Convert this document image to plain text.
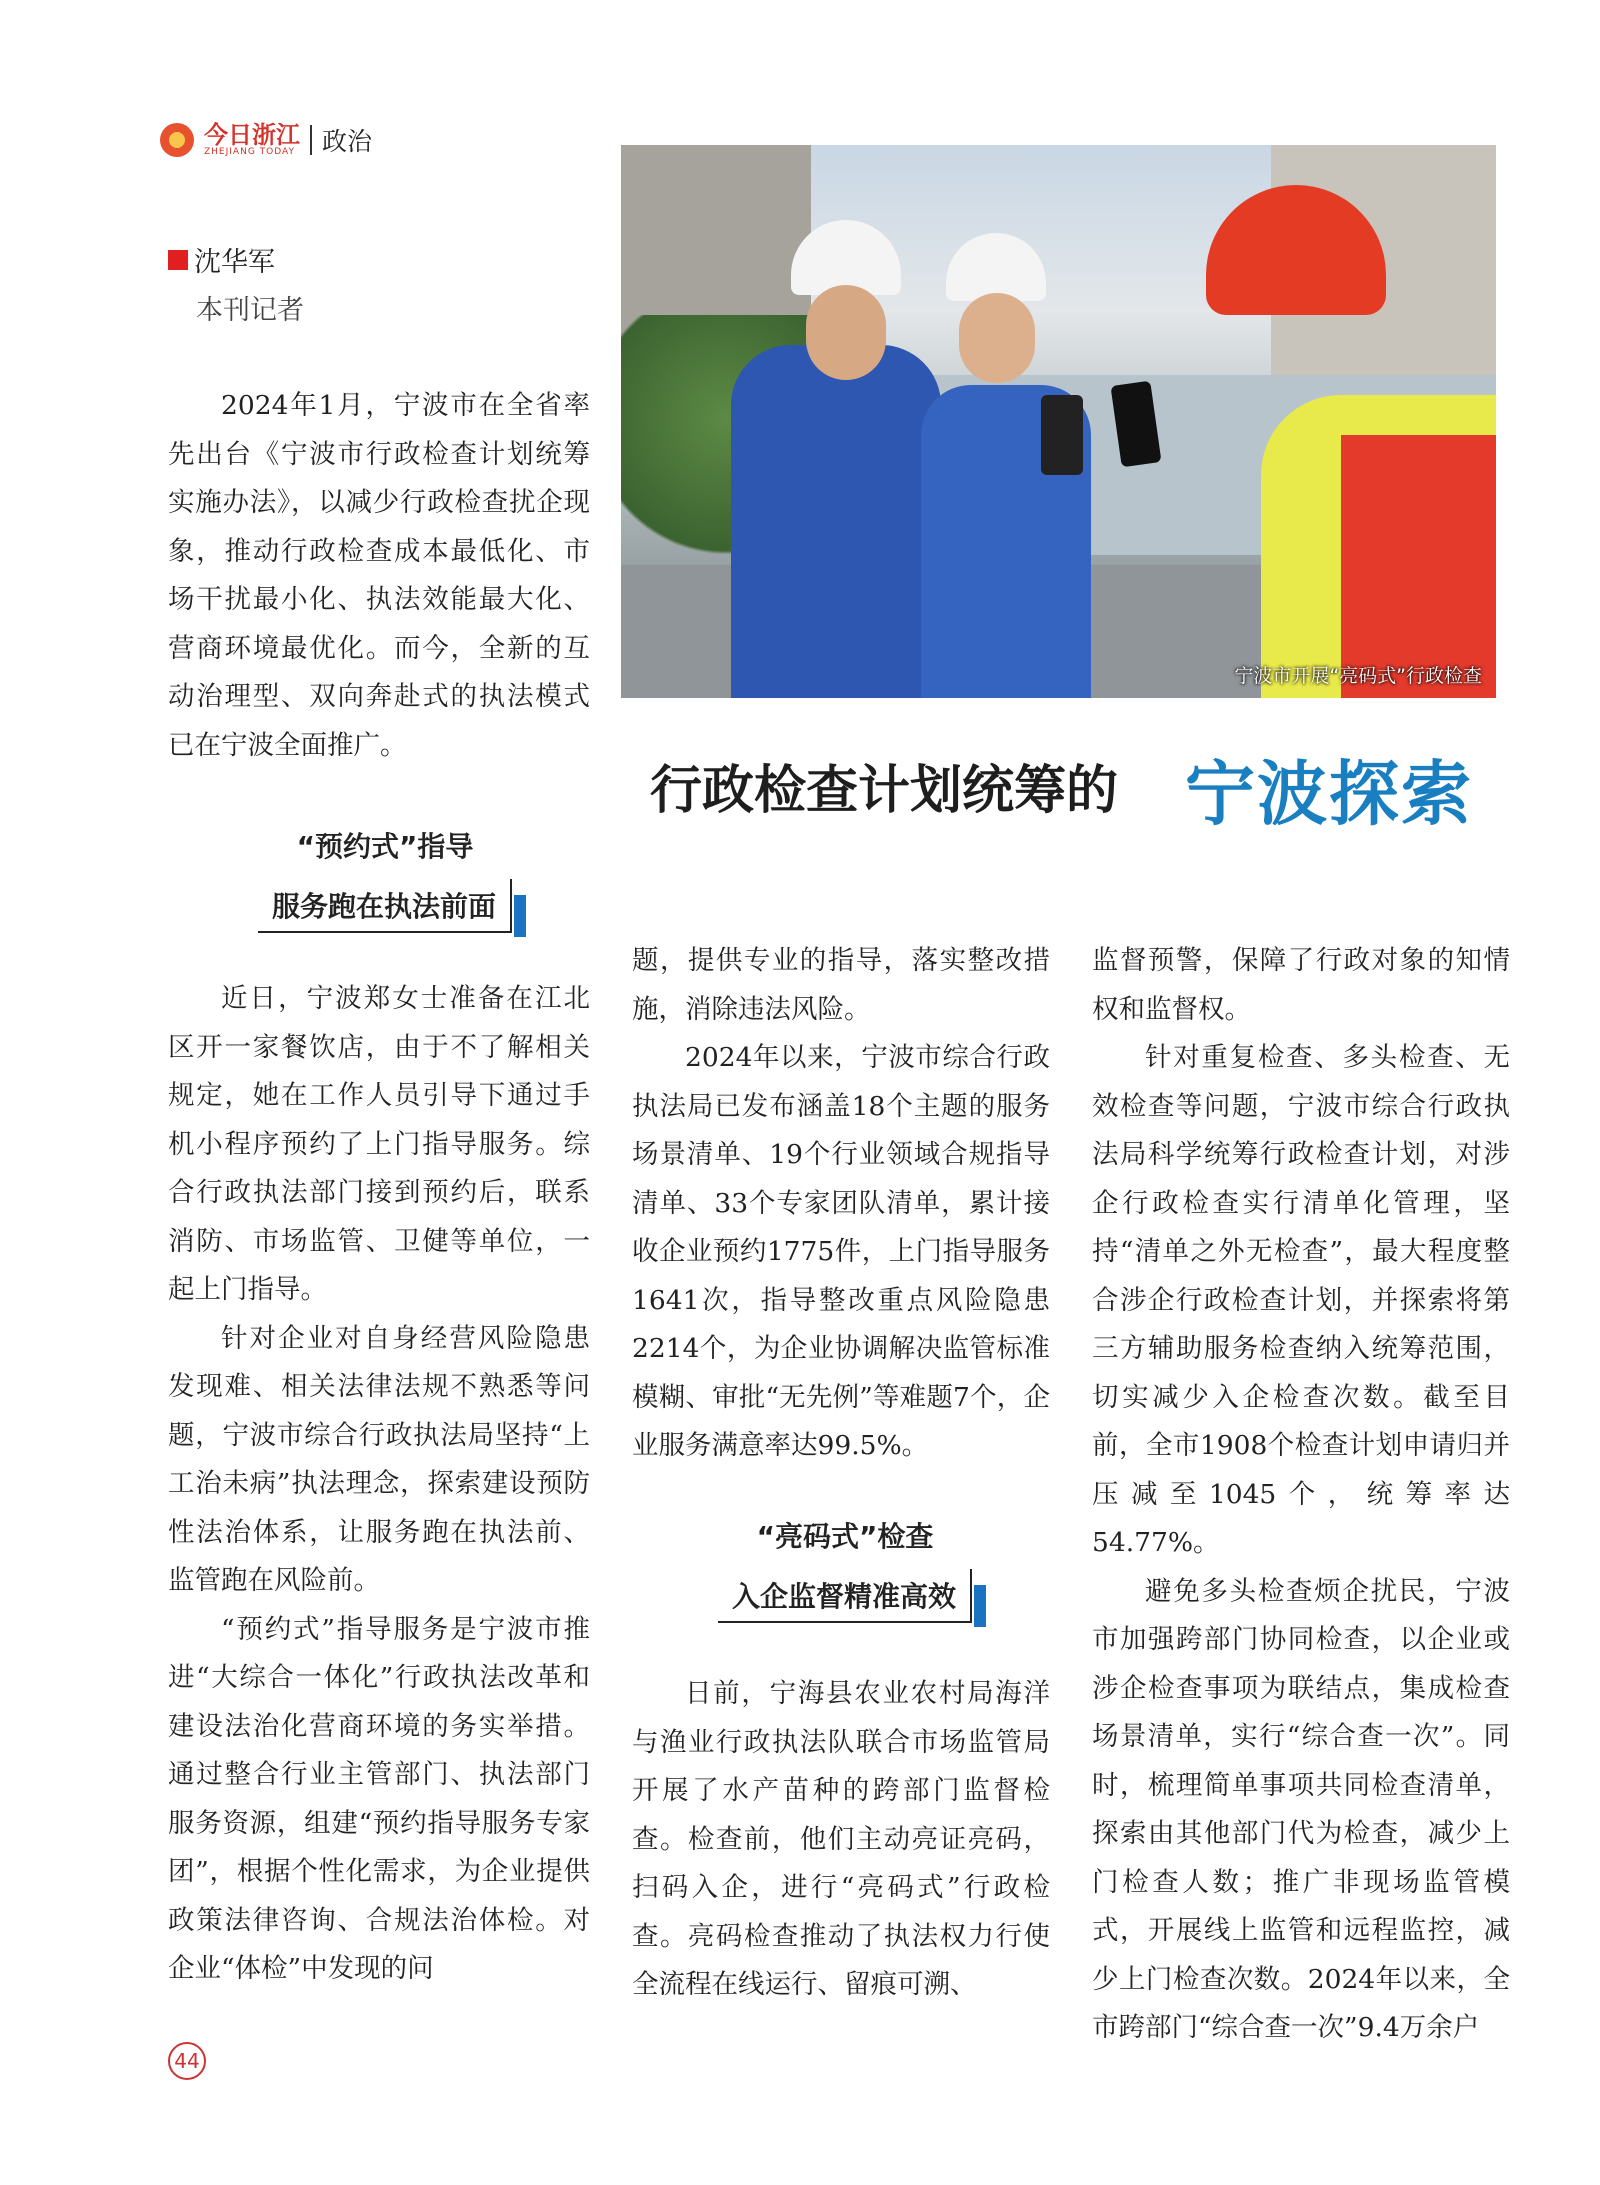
今日浙江
ZHEJIANG TODAY 政治
沈华军
本刊记者
宁波市开展“亮码式”行政检查
行政检查计划统筹的 宁波探索

2024年1月，宁波市在全省率先出台《宁波市行政检查计划统筹实施办法》，以减少行政检查扰企现象，推动行政检查成本最低化、市场干扰最小化、执法效能最大化、营商环境最优化。而今，全新的互动治理型、双向奔赴式的执法模式已在宁波全面推广。

“预约式”指导
服务跑在执法前面

近日，宁波郑女士准备在江北区开一家餐饮店，由于不了解相关规定，她在工作人员引导下通过手机小程序预约了上门指导服务。综合行政执法部门接到预约后，联系消防、市场监管、卫健等单位，一起上门指导。

针对企业对自身经营风险隐患发现难、相关法律法规不熟悉等问题，宁波市综合行政执法局坚持“上工治未病”执法理念，探索建设预防性法治体系，让服务跑在执法前、监管跑在风险前。

“预约式”指导服务是宁波市推进“大综合一体化”行政执法改革和建设法治化营商环境的务实举措。通过整合行业主管部门、执法部门服务资源，组建“预约指导服务专家团”，根据个性化需求，为企业提供政策法律咨询、合规法治体检。对企业“体检”中发现的问

题，提供专业的指导，落实整改措施，消除违法风险。

2024年以来，宁波市综合行政执法局已发布涵盖18个主题的服务场景清单、19个行业领域合规指导清单、33个专家团队清单，累计接收企业预约1775件，上门指导服务1641次，指导整改重点风险隐患2214个，为企业协调解决监管标准模糊、审批“无先例”等难题7个，企业服务满意率达99.5%。

“亮码式”检查
入企监督精准高效

日前，宁海县农业农村局海洋与渔业行政执法队联合市场监管局开展了水产苗种的跨部门监督检查。检查前，他们主动亮证亮码，扫码入企，进行“亮码式”行政检查。亮码检查推动了执法权力行使全流程在线运行、留痕可溯、

监督预警，保障了行政对象的知情权和监督权。

针对重复检查、多头检查、无效检查等问题，宁波市综合行政执法局科学统筹行政检查计划，对涉企行政检查实行清单化管理，坚持“清单之外无检查”，最大程度整合涉企行政检查计划，并探索将第三方辅助服务检查纳入统筹范围，切实减少入企检查次数。截至目前，全市1908个检查计划申请归并压减至1045个，统筹率达54.77%。

避免多头检查烦企扰民，宁波市加强跨部门协同检查，以企业或涉企检查事项为联结点，集成检查场景清单，实行“综合查一次”。同时，梳理简单事项共同检查清单，探索由其他部门代为检查，减少上门检查人数；推广非现场监管模式，开展线上监管和远程监控，减少上门检查次数。2024年以来，全市跨部门“综合查一次”9.4万余户

44
